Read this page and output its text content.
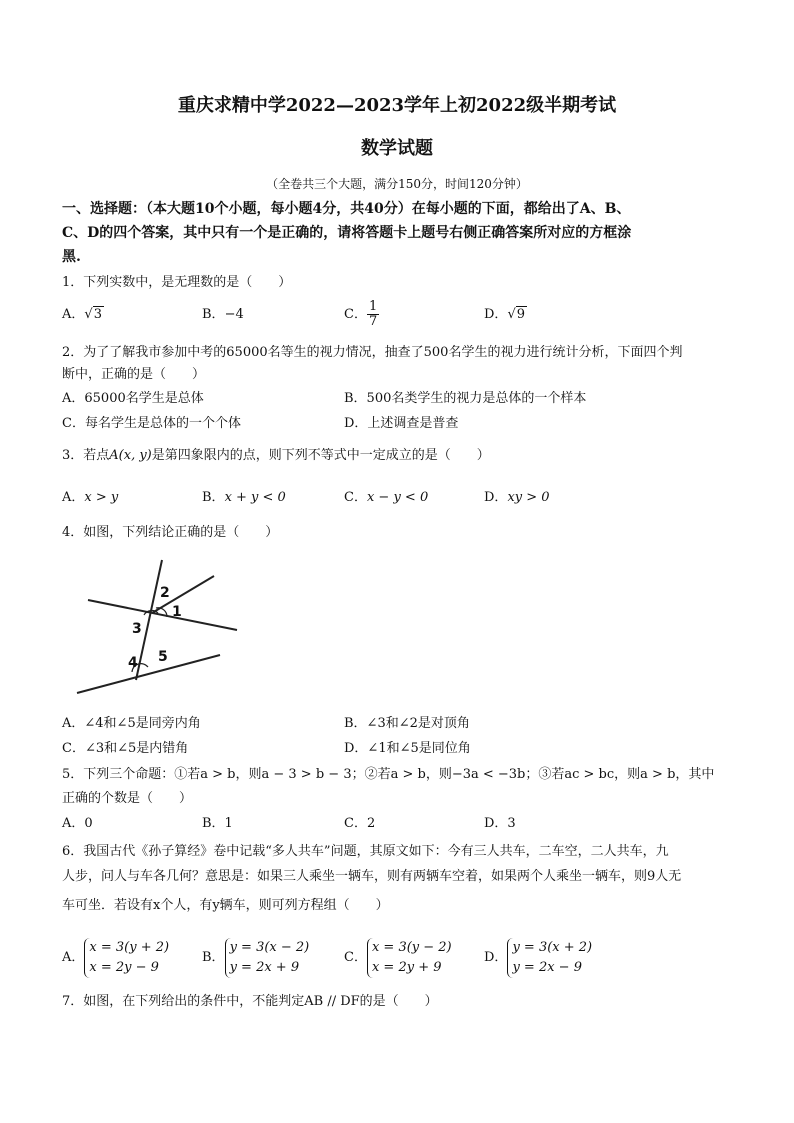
重庆求精中学2022—2023学年上初2022级半期考试
数学试题
（全卷共三个大题，满分150分，时间120分钟）
一、选择题：（本大题10个小题，每小题4分，共40分）在每小题的下面，都给出了A、B、
C、D的四个答案，其中只有一个是正确的，请将答题卡上题号右侧正确答案所对应的方框涂
黑.
1．下列实数中，是无理数的是（　　）
A．√3	B．−4	C． $\frac{1}{7}$	D．√9
2．为了了解我市参加中考的65000名等生的视力情况，抽查了500名学生的视力进行统计分析，下面四个判
断中，正确的是（　　）
A．65000名学生是总体	B．500名类学生的视力是总体的一个样本
C．每名学生是总体的一个个体	D．上述调查是普查
3．若点A(x, y)是第四象限内的点，则下列不等式中一定成立的是（　　）
A．x > y	B．x + y < 0	C．x − y < 0	D．xy > 0
4．如图，下列结论正确的是（　　）
2
1
3
4 5
A．∠4和∠5是同旁内角	B．∠3和∠2是对顶角
C．∠3和∠5是内错角	D．∠1和∠5是同位角
5．下列三个命题：①若a > b，则a − 3 > b − 3；②若a > b，则−3a < −3b；③若ac > bc，则a > b，其中
正确的个数是（　　）
A．0	B．1	C．2	D．3
6．我国古代《孙子算经》卷中记载“多人共车”问题，其原文如下：今有三人共车，二车空，二人共车，九
人步，问人与车各几何？意思是：如果三人乘坐一辆车，则有两辆车空着，如果两个人乘坐一辆车，则9人无
车可坐．若设有x个人，有y辆车，则可列方程组（　　）
A．
x = 3(y + 2)
x = 2y − 9
B．
y = 3(x − 2)
y = 2x + 9
C．
x = 3(y − 2)
x = 2y + 9
D．
y = 3(x + 2)
y = 2x − 9
7．如图，在下列给出的条件中，不能判定AB // DF的是（　　）
